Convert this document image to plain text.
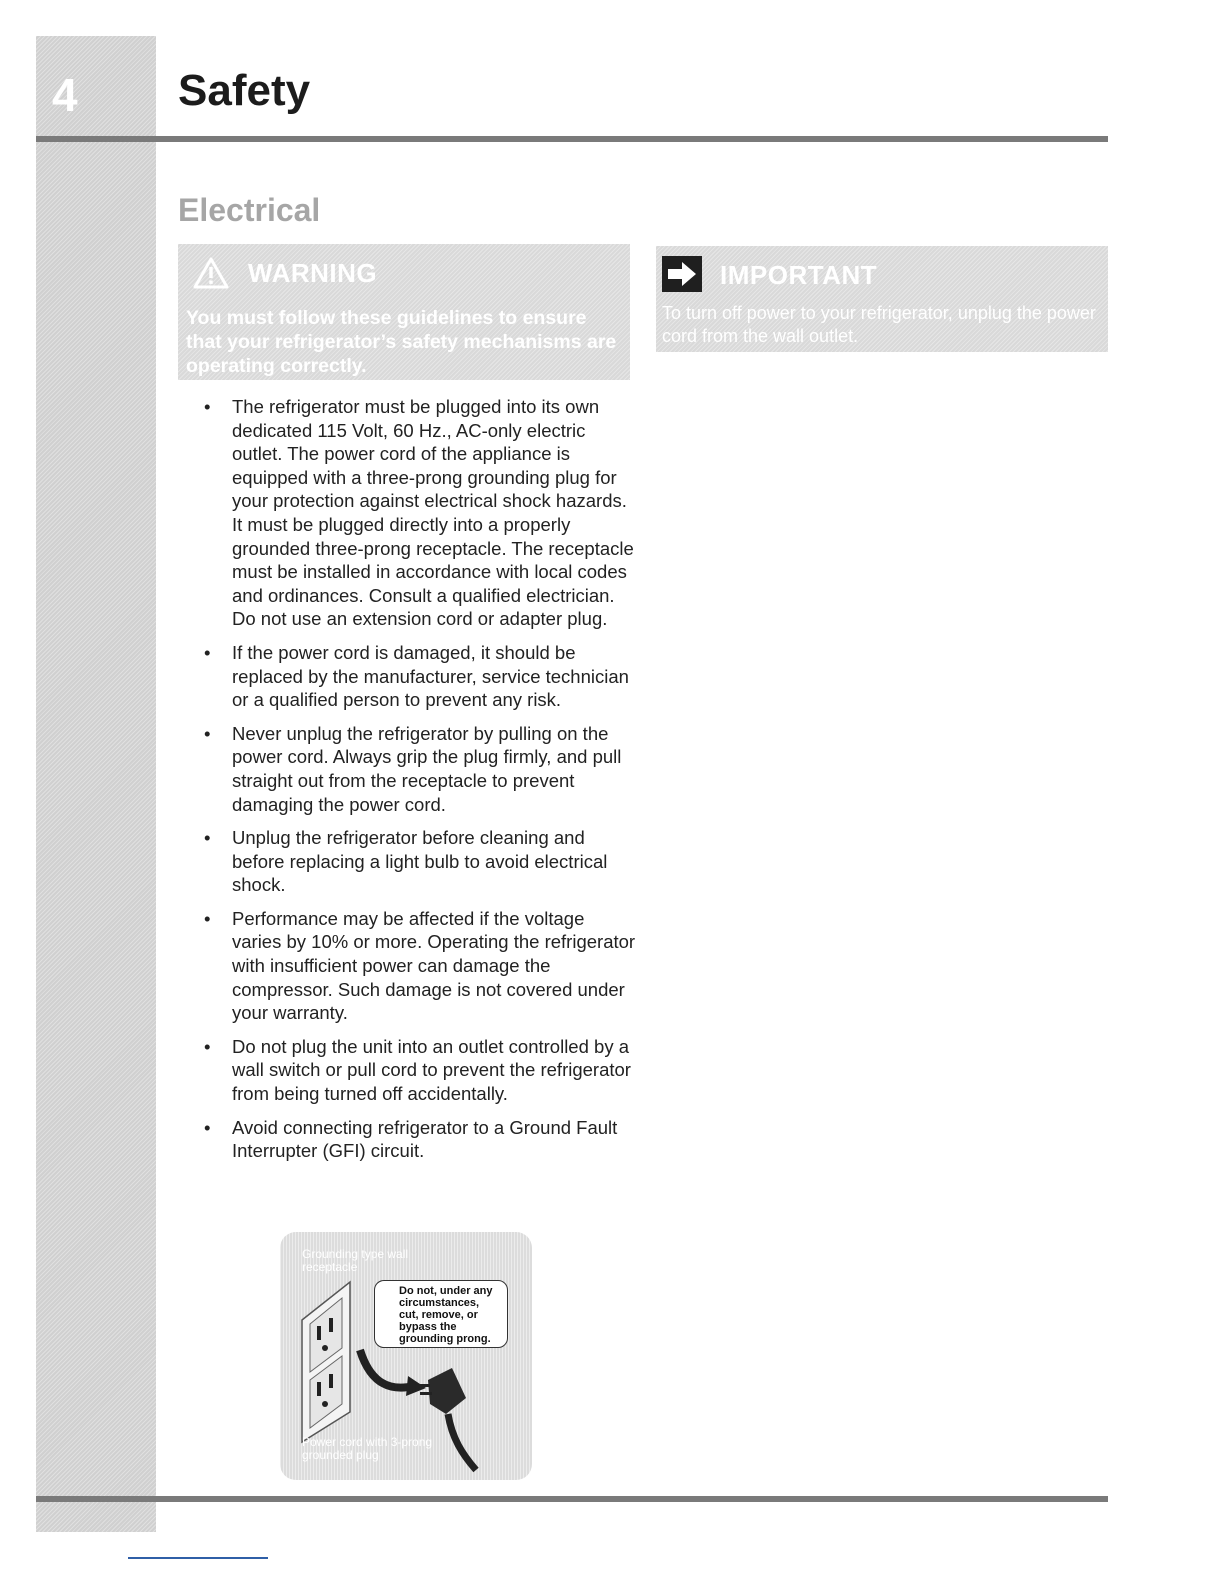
4 Safety
Electrical
WARNING
You must follow these guidelines to ensure that your refrigerator’s safety mechanisms are operating correctly.
IMPORTANT
To turn off power to your refrigerator, unplug the power cord from the wall outlet.
• The refrigerator must be plugged into its own dedicated 115 Volt, 60 Hz., AC-only electric outlet. The power cord of the appliance is equipped with a three-prong grounding plug for your protection against electrical shock hazards. It must be plugged directly into a properly grounded three-prong receptacle. The receptacle must be installed in accordance with local codes and ordinances. Consult a qualified electrician. Do not use an extension cord or adapter plug.
• If the power cord is damaged, it should be replaced by the manufacturer, service technician or a qualified person to prevent any risk.
• Never unplug the refrigerator by pulling on the power cord. Always grip the plug firmly, and pull straight out from the receptacle to prevent damaging the power cord.
• Unplug the refrigerator before cleaning and before replacing a light bulb to avoid electrical shock.
• Performance may be affected if the voltage varies by 10% or more. Operating the refrigerator with insufficient power can damage the compressor. Such damage is not covered under your warranty.
• Do not plug the unit into an outlet controlled by a wall switch or pull cord to prevent the refrigerator from being turned off accidentally.
• Avoid connecting refrigerator to a Ground Fault Interrupter (GFI) circuit.
Grounding type wall receptacle
Do not, under any circumstances, cut, remove, or bypass the grounding prong.
Power cord with 3-prong grounded plug
